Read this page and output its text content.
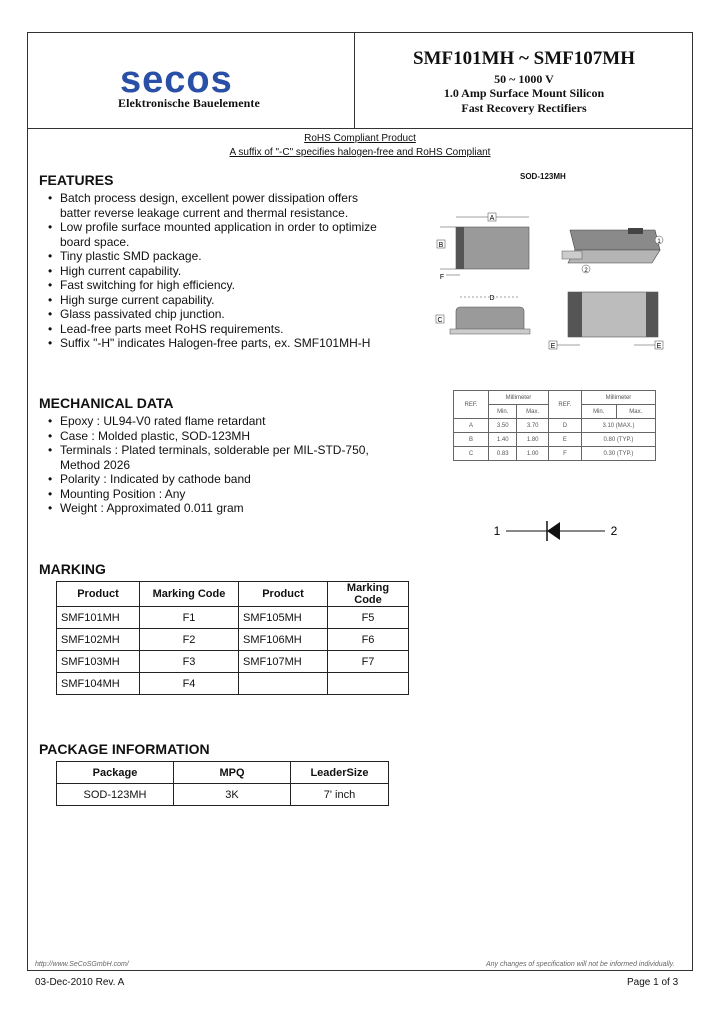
secos
Elektronische Bauelemente
SMF101MH ~ SMF107MH
50 ~ 1000 V
1.0 Amp Surface Mount Silicon
Fast Recovery Rectifiers
RoHS Compliant Product
A suffix of "-C" specifies halogen-free and RoHS Compliant
FEATURES
• Batch process design, excellent power dissipation offers
batter reverse leakage current and thermal resistance.
• Low profile surface mounted application in order to optimize
board space.
• Tiny plastic SMD package.
• High current capability.
• Fast switching for high efficiency.
• High surge current capability.
• Glass passivated chip junction.
• Lead-free parts meet RoHS requirements.
• Suffix "-H" indicates Halogen-free parts, ex. SMF101MH-H
SOD-123MH
B
A
F
1
2
D
C
E	E
REF.	Millimeter		REF.	Millimeter	
	Min.	Max.		Min.	Max.
A	3.50	3.70	D	3.10 (MAX.)	
B	1.40	1.80	E	0.80 (TYP.)	
C	0.83	1.00	F	0.30 (TYP.)	
MECHANICAL DATA
• Epoxy : UL94-V0 rated flame retardant
• Case : Molded plastic, SOD-123MH
• Terminals : Plated terminals, solderable per MIL-STD-750,
Method 2026
• Polarity : Indicated by cathode band
• Mounting Position : Any
• Weight : Approximated 0.011 gram
1	2
MARKING
Product	Marking Code	Product	Marking Code
SMF101MH	F1	SMF105MH	F5
SMF102MH	F2	SMF106MH	F6
SMF103MH	F3	SMF107MH	F7
SMF104MH	F4		
PACKAGE INFORMATION
Package	MPQ	LeaderSize
SOD-123MH	3K	7' inch
http://www.SeCoSGmbH.com/	Any changes of specification will not be informed individually.
03-Dec-2010 Rev. A	Page 1 of 3
